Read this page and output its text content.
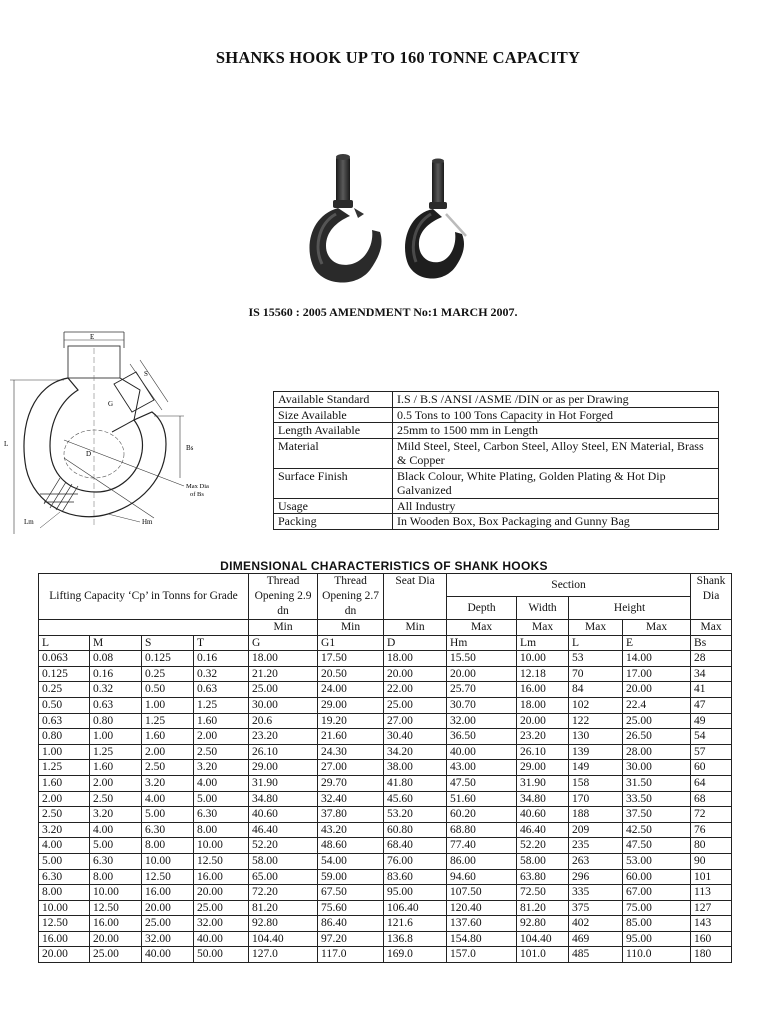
SHANKS HOOK UP TO 160 TONNE CAPACITY
IS 15560 : 2005 AMENDMENT No:1 MARCH 2007.
E
S
D
G
L	Bs
Max Dia
of Bs
Lm	Hm
Available Standard	I.S / B.S /ANSI /ASME /DIN or as per Drawing
Size Available	0.5 Tons to 100 Tons Capacity in Hot Forged
Length Available	25mm to 1500 mm in Length
Material	Mild Steel, Steel, Carbon Steel, Alloy Steel, EN Material, Brass & Copper
Surface Finish	Black Colour, White Plating, Golden Plating & Hot Dip Galvanized
Usage	All Industry
Packing	In Wooden Box, Box Packaging and Gunny Bag
DIMENSIONAL CHARACTERISTICS OF SHANK HOOKS
Lifting Capacity ‘Cp’ in Tonns for Grade				Thread Opening 2.9 dn	Thread Opening 2.7 dn	Seat Dia	Section				Shank Dia
							Depth	Width	Height		
				Min	Min	Min	Max	Max	Max	Max	Max
L	M	S	T	G	G1	D	Hm	Lm	L	E	Bs
0.063	0.08	0.125	0.16	18.00	17.50	18.00	15.50	10.00	53	14.00	28
0.125	0.16	0.25	0.32	21.20	20.50	20.00	20.00	12.18	70	17.00	34
0.25	0.32	0.50	0.63	25.00	24.00	22.00	25.70	16.00	84	20.00	41
0.50	0.63	1.00	1.25	30.00	29.00	25.00	30.70	18.00	102	22.4	47
0.63	0.80	1.25	1.60	20.6	19.20	27.00	32.00	20.00	122	25.00	49
0.80	1.00	1.60	2.00	23.20	21.60	30.40	36.50	23.20	130	26.50	54
1.00	1.25	2.00	2.50	26.10	24.30	34.20	40.00	26.10	139	28.00	57
1.25	1.60	2.50	3.20	29.00	27.00	38.00	43.00	29.00	149	30.00	60
1.60	2.00	3.20	4.00	31.90	29.70	41.80	47.50	31.90	158	31.50	64
2.00	2.50	4.00	5.00	34.80	32.40	45.60	51.60	34.80	170	33.50	68
2.50	3.20	5.00	6.30	40.60	37.80	53.20	60.20	40.60	188	37.50	72
3.20	4.00	6.30	8.00	46.40	43.20	60.80	68.80	46.40	209	42.50	76
4.00	5.00	8.00	10.00	52.20	48.60	68.40	77.40	52.20	235	47.50	80
5.00	6.30	10.00	12.50	58.00	54.00	76.00	86.00	58.00	263	53.00	90
6.30	8.00	12.50	16.00	65.00	59.00	83.60	94.60	63.80	296	60.00	101
8.00	10.00	16.00	20.00	72.20	67.50	95.00	107.50	72.50	335	67.00	113
10.00	12.50	20.00	25.00	81.20	75.60	106.40	120.40	81.20	375	75.00	127
12.50	16.00	25.00	32.00	92.80	86.40	121.6	137.60	92.80	402	85.00	143
16.00	20.00	32.00	40.00	104.40	97.20	136.8	154.80	104.40	469	95.00	160
20.00	25.00	40.00	50.00	127.0	117.0	169.0	157.0	101.0	485	110.0	180
